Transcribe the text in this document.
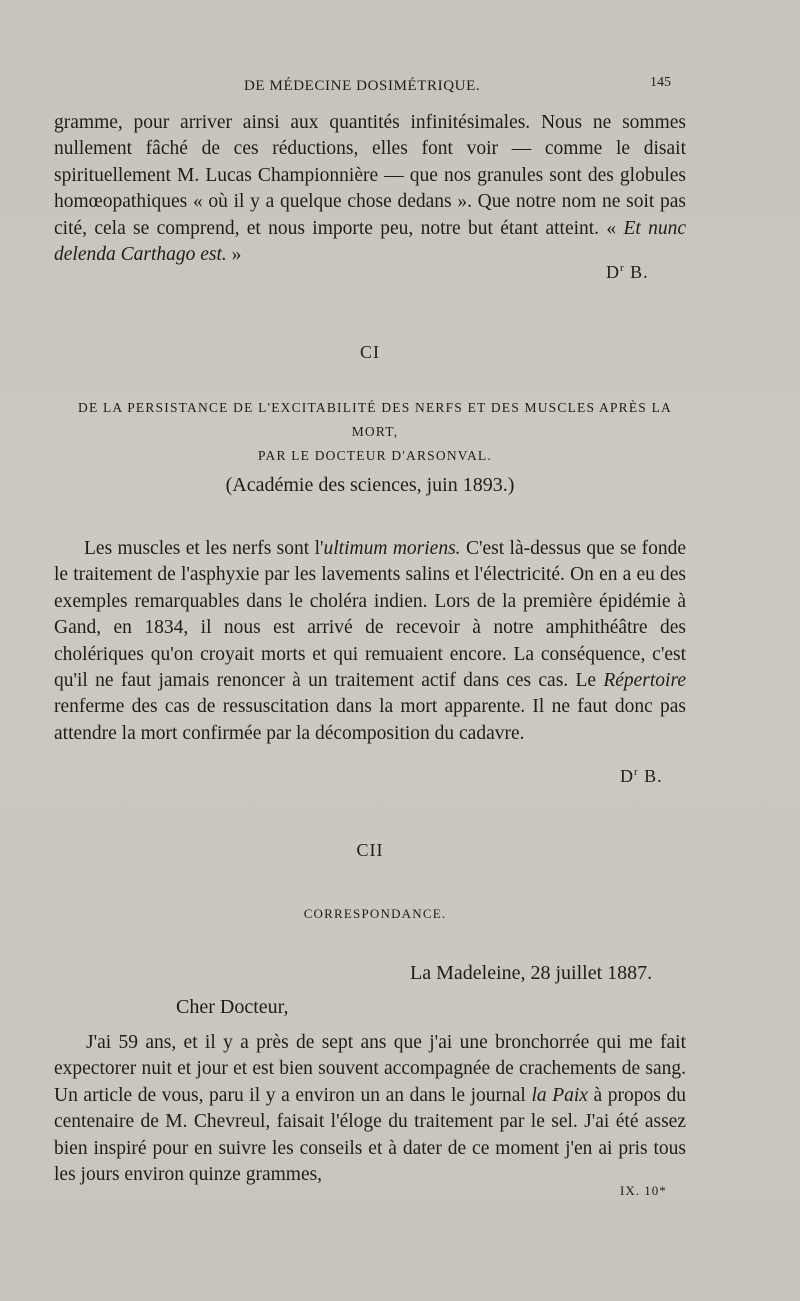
DE MÉDECINE DOSIMÉTRIQUE.	145

gramme, pour arriver ainsi aux quantités infinitésimales. Nous ne sommes nullement fâché de ces réductions, elles font voir — comme le disait spirituellement M. Lucas Championnière — que nos granules sont des globules homœopathiques « où il y a quelque chose dedans ». Que notre nom ne soit pas cité, cela se comprend, et nous importe peu, notre but étant atteint. « Et nunc delenda Carthago est. »

$D^r$ B.
CI
DE LA PERSISTANCE DE L'EXCITABILITÉ DES NERFS ET DES MUSCLES APRÈS LA MORT,
PAR LE DOCTEUR D'ARSONVAL.
(Académie des sciences, juin 1893.)

Les muscles et les nerfs sont l'ultimum moriens. C'est là-dessus que se fonde le traitement de l'asphyxie par les lavements salins et l'électricité. On en a eu des exemples remarquables dans le choléra indien. Lors de la première épidémie à Gand, en 1834, il nous est arrivé de recevoir à notre amphithéâtre des cholériques qu'on croyait morts et qui remuaient encore. La conséquence, c'est qu'il ne faut jamais renoncer à un traitement actif dans ces cas. Le Répertoire renferme des cas de ressuscitation dans la mort apparente. Il ne faut donc pas attendre la mort confirmée par la décomposition du cadavre.

$D^r$ B.
CII
CORRESPONDANCE.
La Madeleine, 28 juillet 1887.
Cher Docteur,

J'ai 59 ans, et il y a près de sept ans que j'ai une bronchorrée qui me fait expectorer nuit et jour et est bien souvent accompagnée de crachements de sang. Un article de vous, paru il y a environ un an dans le journal la Paix à propos du centenaire de M. Chevreul, faisait l'éloge du traitement par le sel. J'ai été assez bien inspiré pour en suivre les conseils et à dater de ce moment j'en ai pris tous les jours environ quinze grammes,

IX. 10*
